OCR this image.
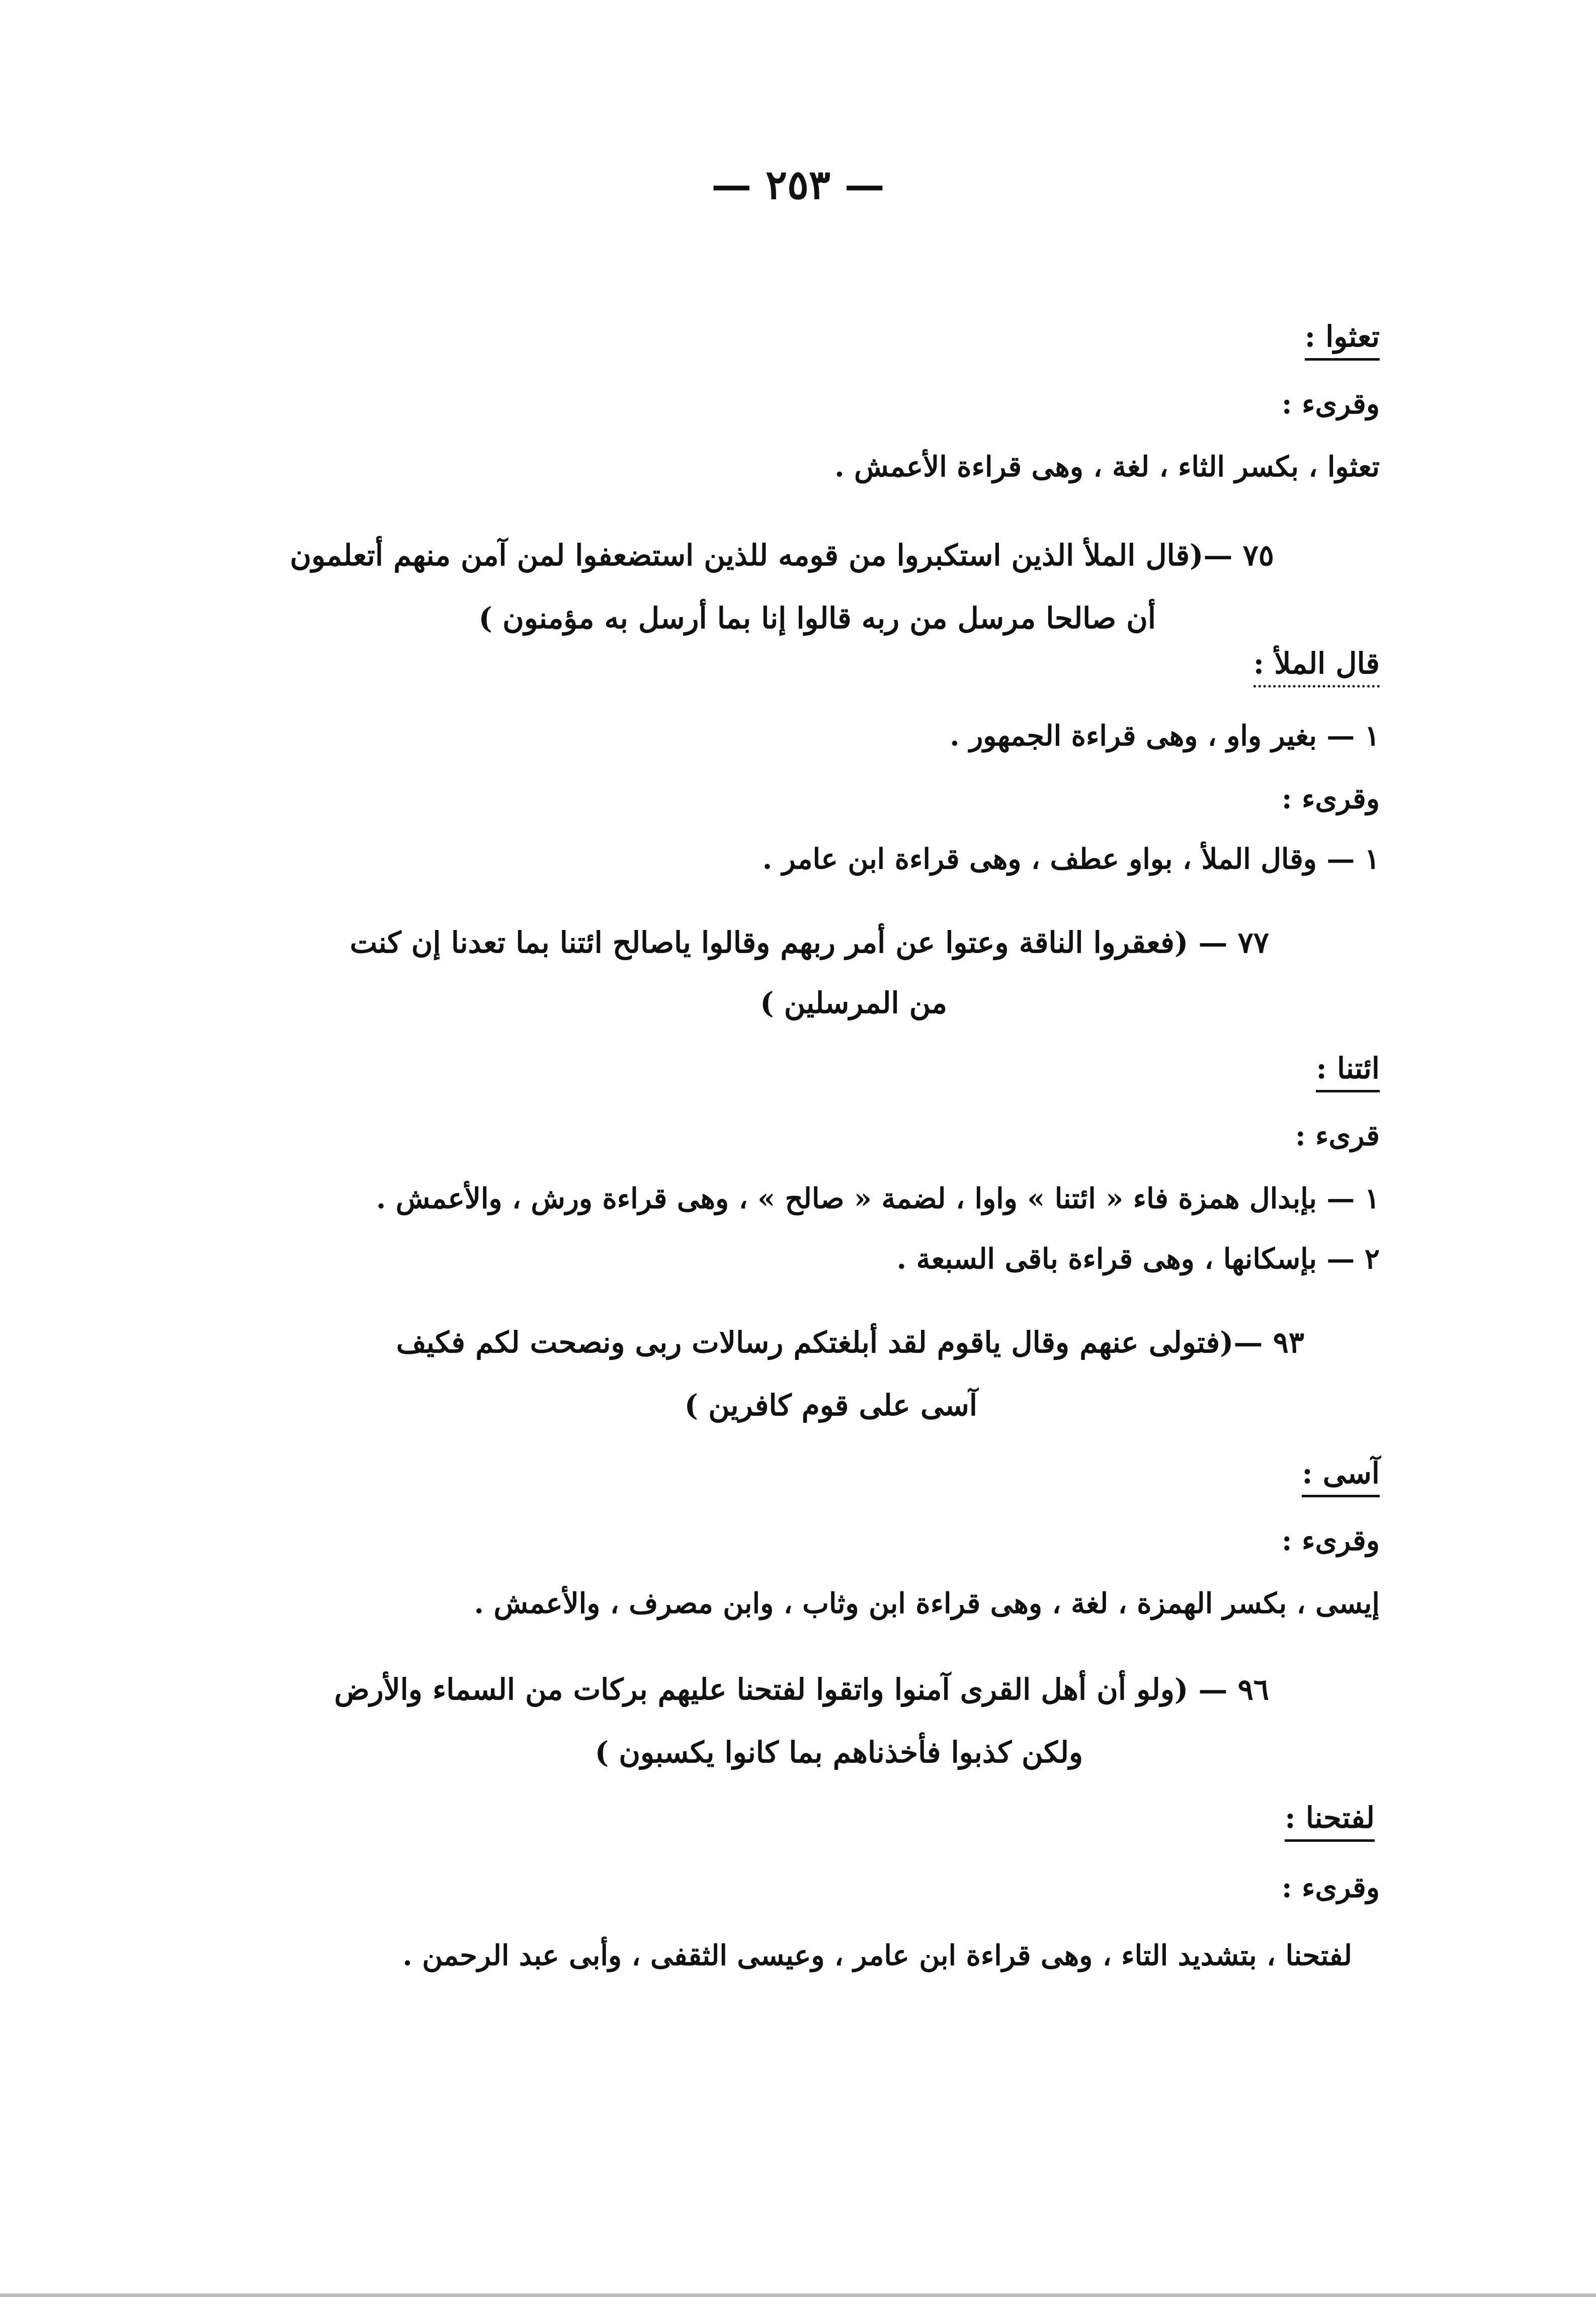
— ٢٥٣ —
تعثوا :
وقرىء :
تعثوا ، بكسر الثاء ، لغة ، وهى قراءة الأعمش .
٧٥ —(قال الملأ الذين استكبروا من قومه للذين استضعفوا لمن آمن منهم أتعلمون
أن صالحا مرسل من ربه قالوا إنا بما أرسل به مؤمنون )
قال الملأ :
١ — بغير واو ، وهى قراءة الجمهور .
وقرىء :
١ — وقال الملأ ، بواو عطف ، وهى قراءة ابن عامر .
٧٧ — (فعقروا الناقة وعتوا عن أمر ربهم وقالوا ياصالح ائتنا بما تعدنا إن كنت
من المرسلين )
ائتنا :
قرىء :
١ — بإبدال همزة فاء « ائتنا » واوا ، لضمة « صالح » ، وهى قراءة ورش ، والأعمش .
٢ — بإسكانها ، وهى قراءة باقى السبعة .
٩٣ —(فتولى عنهم وقال ياقوم لقد أبلغتكم رسالات ربى ونصحت لكم فكيف
آسى على قوم كافرين )
آسى :
وقرىء :
إيسى ، بكسر الهمزة ، لغة ، وهى قراءة ابن وثاب ، وابن مصرف ، والأعمش .
٩٦ — (ولو أن أهل القرى آمنوا واتقوا لفتحنا عليهم بركات من السماء والأرض
ولكن كذبوا فأخذناهم بما كانوا يكسبون )
لفتحنا :
وقرىء :
لفتحنا ، بتشديد التاء ، وهى قراءة ابن عامر ، وعيسى الثقفى ، وأبى عبد الرحمن .
